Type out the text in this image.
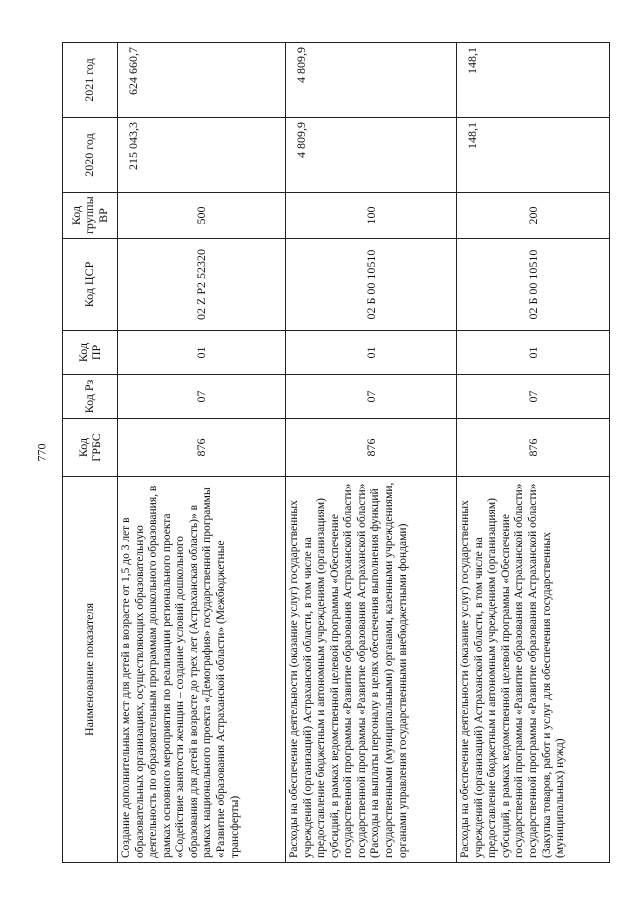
770
Наименование показателя	Код ГРБС	Код Рз	Код ПР	Код ЦСР	Код группы ВР	2020 год	2021 год
Создание дополнительных мест для детей в возрасте от 1,5 до 3 лет в образовательных организациях, осуществляющих образовательную деятельность по образовательным программам дошкольного образования, в рамках основного мероприятия по реализации регионального проекта «Содействие занятости женщин – создание условий дошкольного образования для детей в возрасте до трех лет (Астраханская область)» в рамках национального проекта «Демография» государственной программы «Развитие образования Астраханской области» (Межбюджетные трансферты)	876	07	01	02 Z P2 52320	500	215 043,3	624 660,7
Расходы на обеспечение деятельности (оказание услуг) государственных учреждений (организаций) Астраханской области, в том числе на предоставление бюджетным и автономным учреждениям (организациям) субсидий, в рамках ведомственной целевой программы «Обеспечение государственной программы «Развитие образования Астраханской области» государственной программы «Развитие образования Астраханской области» (Расходы на выплаты персоналу в целях обеспечения выполнения функций государственными (муниципальными) органами, казенными учреждениями, органами управления государственными внебюджетными фондами)	876	07	01	02 Б 00 10510	100	4 809,9	4 809,9
Расходы на обеспечение деятельности (оказание услуг) государственных учреждений (организаций) Астраханской области, в том числе на предоставление бюджетным и автономным учреждениям (организациям) субсидий, в рамках ведомственной целевой программы «Обеспечение государственной программы «Развитие образования Астраханской области» государственной программы «Развитие образования Астраханской области» (Закупка товаров, работ и услуг для обеспечения государственных (муниципальных) нужд)	876	07	01	02 Б 00 10510	200	148,1	148,1
